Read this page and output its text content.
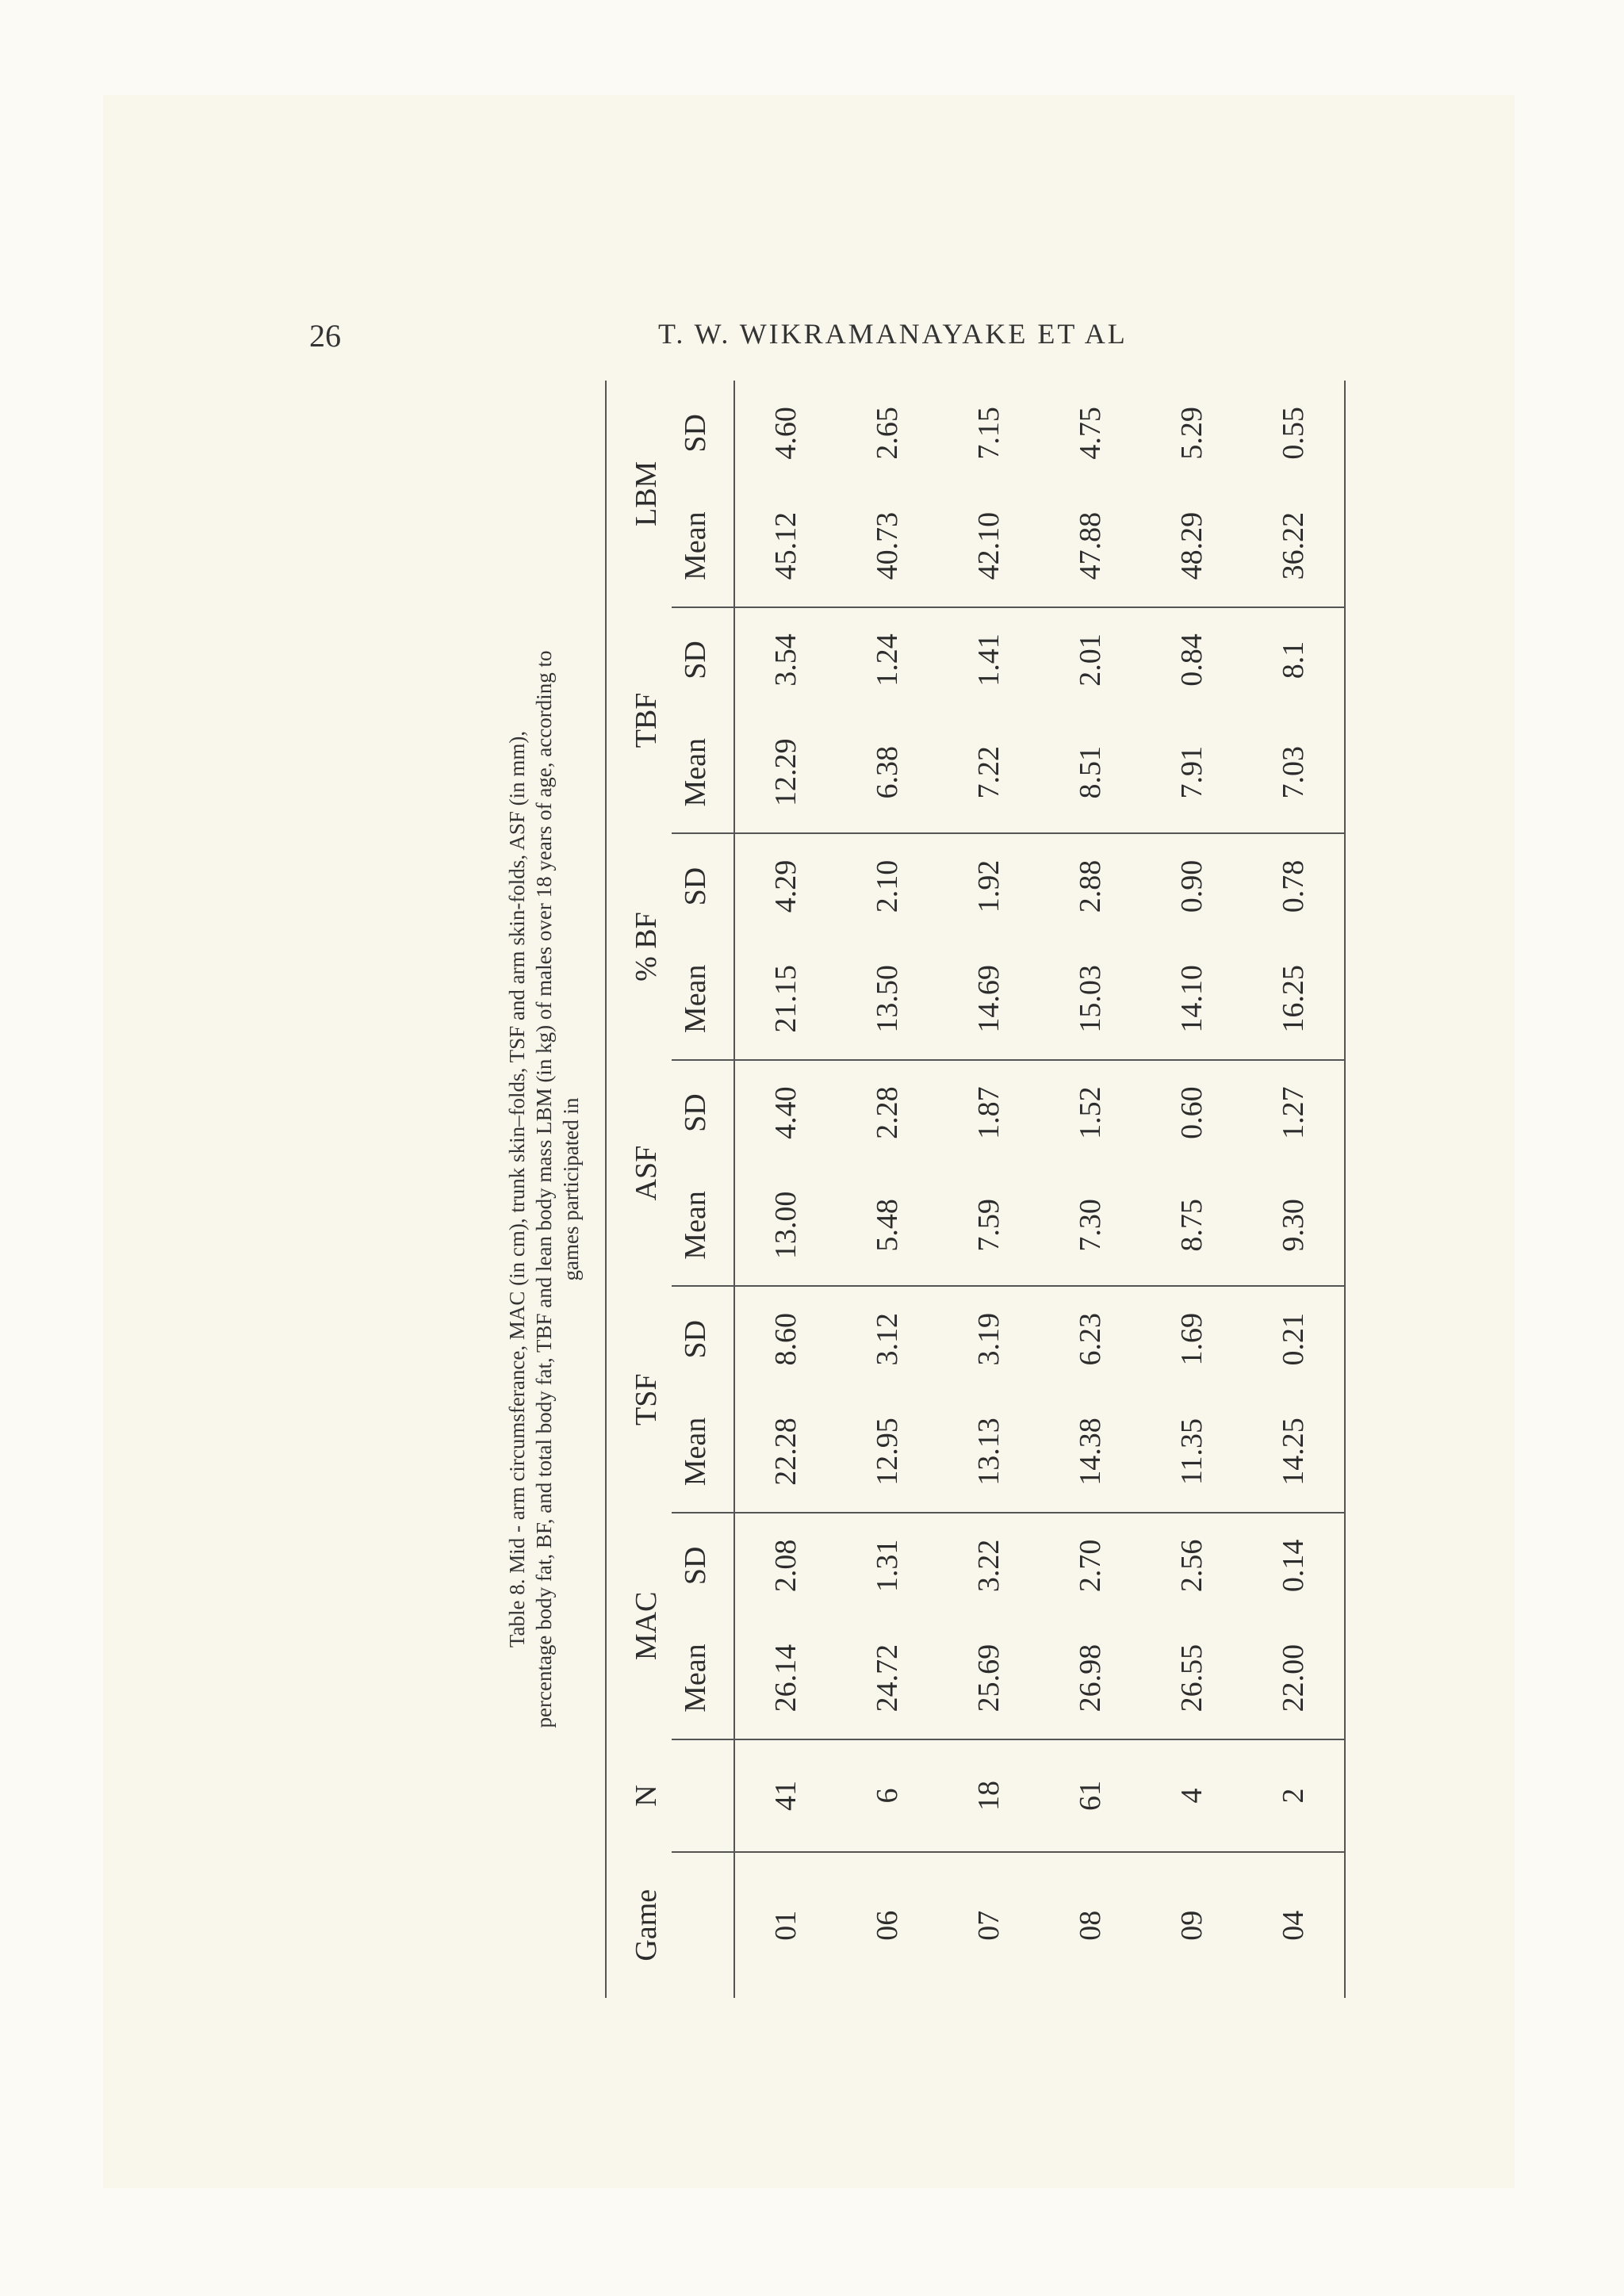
26	T. W. WIKRAMANAYAKE ET AL
Table 8. Mid - arm circumsferance, MAC (in cm), trunk skin–folds, TSF and arm skin-folds, ASF (in mm), percentage body fat, BF, and total body fat, TBF and lean body mass LBM (in kg) of males over 18 years of age, according to games participated in
Game	N	MAC		TSF		ASF		% BF		TBF		LBM	
		Mean	SD	Mean	SD	Mean	SD	Mean	SD	Mean	SD	Mean	SD
01	41	26.14	2.08	22.28	8.60	13.00	4.40	21.15	4.29	12.29	3.54	45.12	4.60
06	6	24.72	1.31	12.95	3.12	5.48	2.28	13.50	2.10	6.38	1.24	40.73	2.65
07	18	25.69	3.22	13.13	3.19	7.59	1.87	14.69	1.92	7.22	1.41	42.10	7.15
08	61	26.98	2.70	14.38	6.23	7.30	1.52	15.03	2.88	8.51	2.01	47.88	4.75
09	4	26.55	2.56	11.35	1.69	8.75	0.60	14.10	0.90	7.91	0.84	48.29	5.29
04	2	22.00	0.14	14.25	0.21	9.30	1.27	16.25	0.78	7.03	8.1	36.22	0.55
